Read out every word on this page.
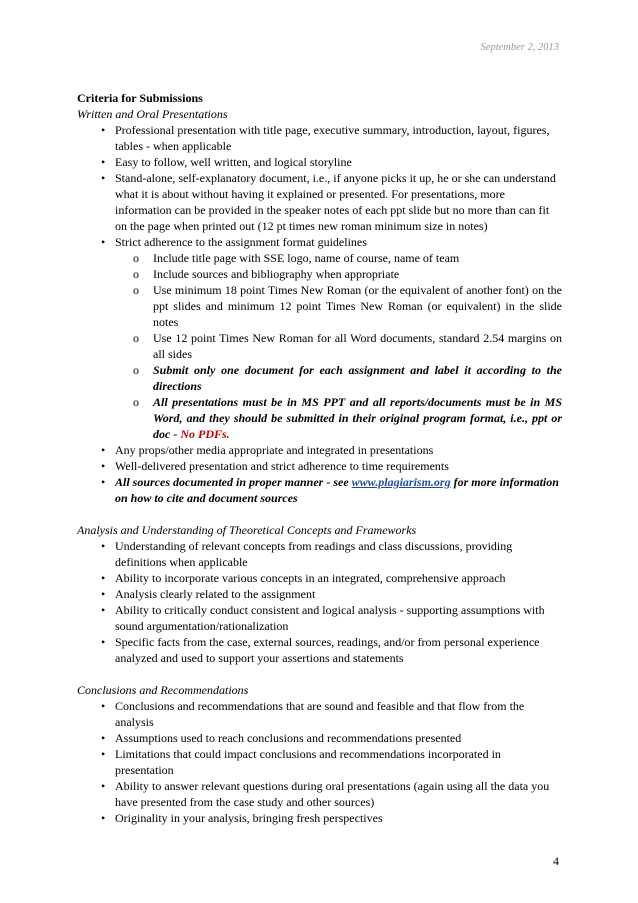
September 2, 2013

Criteria for Submissions

Written and Oral Presentations

• Professional presentation with title page, executive summary, introduction, layout, figures, tables - when applicable
• Easy to follow, well written, and logical storyline
• Stand-alone, self-explanatory document, i.e., if anyone picks it up, he or she can understand what it is about without having it explained or presented. For presentations, more information can be provided in the speaker notes of each ppt slide but no more than can fit on the page when printed out (12 pt times new roman minimum size in notes)
• Strict adherence to the assignment format guidelines
o Include title page with SSE logo, name of course, name of team
o Include sources and bibliography when appropriate
o Use minimum 18 point Times New Roman (or the equivalent of another font) on the ppt slides and minimum 12 point Times New Roman (or equivalent) in the slide notes
o Use 12 point Times New Roman for all Word documents, standard 2.54 margins on all sides
o Submit only one document for each assignment and label it according to the directions
o All presentations must be in MS PPT and all reports/documents must be in MS Word, and they should be submitted in their original program format, i.e., ppt or doc - No PDFs.
• Any props/other media appropriate and integrated in presentations
• Well-delivered presentation and strict adherence to time requirements
• All sources documented in proper manner - see www.plagiarism.org for more information on how to cite and document sources

Analysis and Understanding of Theoretical Concepts and Frameworks

• Understanding of relevant concepts from readings and class discussions, providing definitions when applicable
• Ability to incorporate various concepts in an integrated, comprehensive approach
• Analysis clearly related to the assignment
• Ability to critically conduct consistent and logical analysis - supporting assumptions with sound argumentation/rationalization
• Specific facts from the case, external sources, readings, and/or from personal experience analyzed and used to support your assertions and statements

Conclusions and Recommendations

• Conclusions and recommendations that are sound and feasible and that flow from the analysis
• Assumptions used to reach conclusions and recommendations presented
• Limitations that could impact conclusions and recommendations incorporated in presentation
• Ability to answer relevant questions during oral presentations (again using all the data you have presented from the case study and other sources)
• Originality in your analysis, bringing fresh perspectives
4
